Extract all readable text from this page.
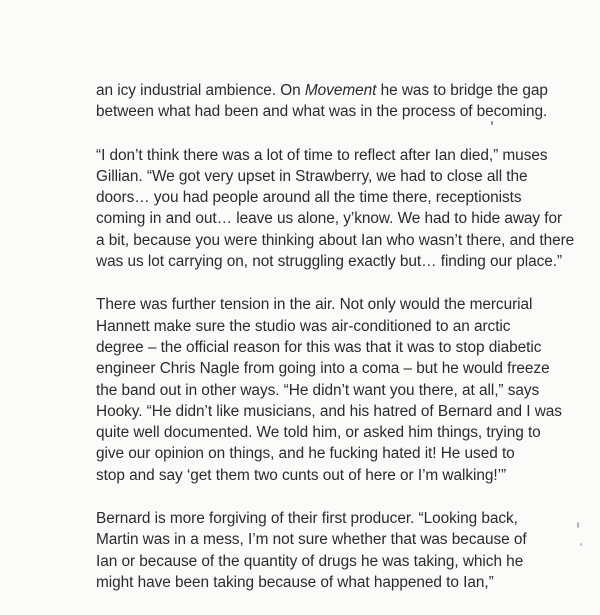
an icy industrial ambience. On Movement he was to bridge the gap
between what had been and what was in the process of becoming.

“I don’t think there was a lot of time to reflect after Ian died,” muses
Gillian. “We got very upset in Strawberry, we had to close all the
doors… you had people around all the time there, receptionists
coming in and out… leave us alone, y’know. We had to hide away for
a bit, because you were thinking about Ian who wasn’t there, and there
was us lot carrying on, not struggling exactly but… finding our place.”

There was further tension in the air. Not only would the mercurial
Hannett make sure the studio was air-conditioned to an arctic
degree – the official reason for this was that it was to stop diabetic
engineer Chris Nagle from going into a coma – but he would freeze
the band out in other ways. “He didn’t want you there, at all,” says
Hooky. “He didn’t like musicians, and his hatred of Bernard and I was
quite well documented. We told him, or asked him things, trying to
give our opinion on things, and he fucking hated it! He used to
stop and say ‘get them two cunts out of here or I’m walking!’”

Bernard is more forgiving of their first producer. “Looking back,
Martin was in a mess, I’m not sure whether that was because of
Ian or because of the quantity of drugs he was taking, which he
might have been taking because of what happened to Ian,”
